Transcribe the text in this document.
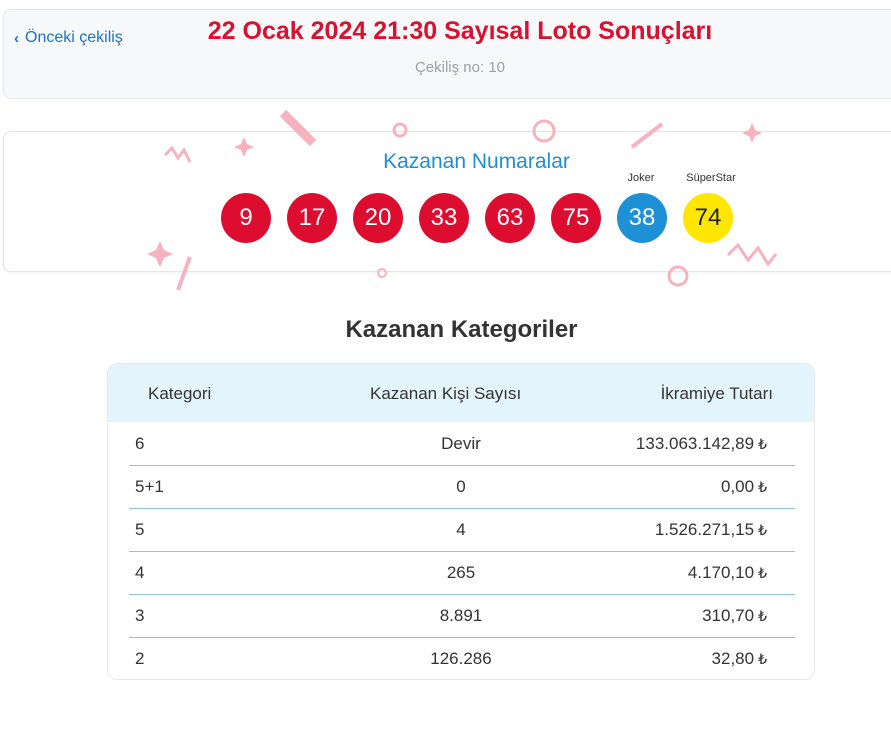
‹ Önceki çekiliş	22 Ocak 2024 21:30 Sayısal Loto Sonuçları
Çekiliş no: 10
Kazanan Numaralar
9	17	20	33	63	75
Joker
38
SüperStar
74
Kazanan Kategoriler
Kategori	Kazanan Kişi Sayısı	İkramiye Tutarı
6	Devir	133.063.142,89 ₺
5+1	0	0,00 ₺
5	4	1.526.271,15 ₺
4	265	4.170,10 ₺
3	8.891	310,70 ₺
2	126.286	32,80 ₺
